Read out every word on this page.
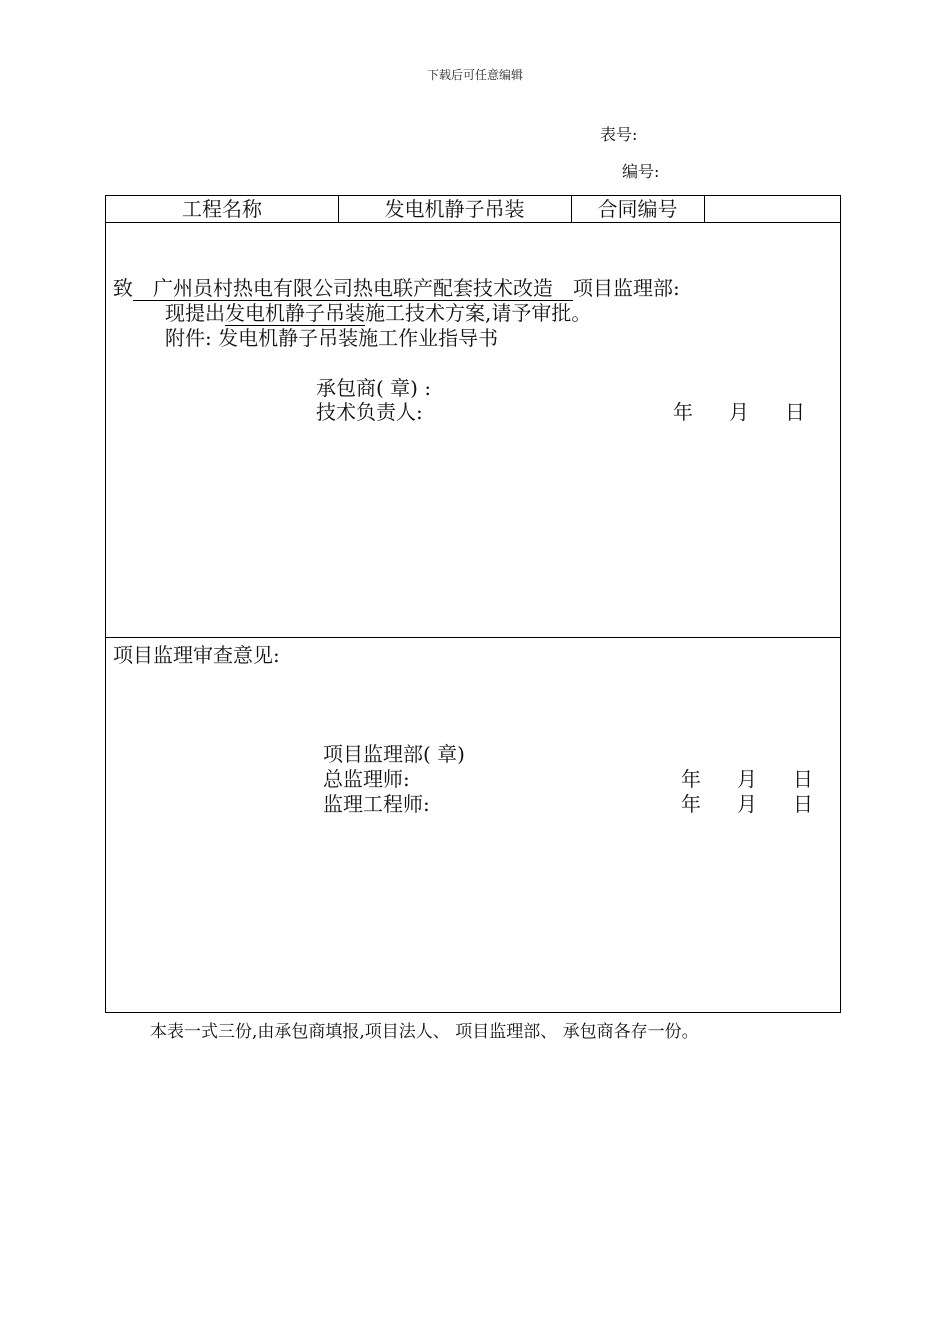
下载后可任意编辑
表号:
编号:
工程名称	发电机静子吊装	合同编号
致  广州员村热电有限公司热电联产配套技术改造  项目监理部:
现提出发电机静子吊装施工技术方案,请予审批。
附件: 发电机静子吊装施工作业指导书
承包商( 章) :
技术负责人:	年 月 日
项目监理审查意见:
项目监理部( 章)
总监理师:	年 月 日
监理工程师:	年 月 日
本表一式三份,由承包商填报,项目法人、 项目监理部、 承包商各存一份。
